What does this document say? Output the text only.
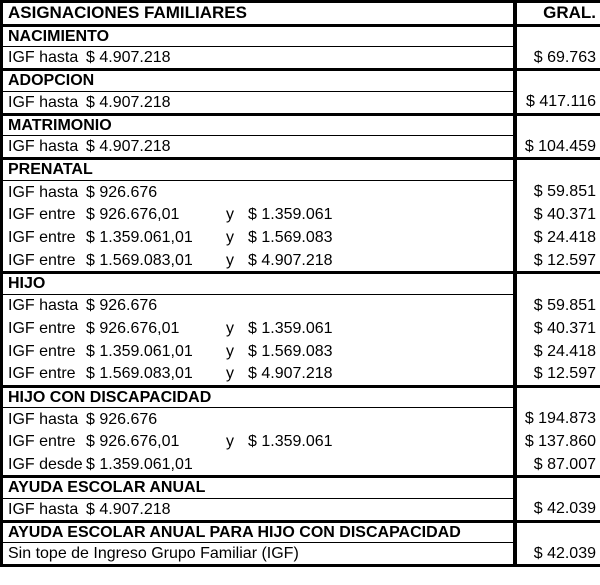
ASIGNACIONES FAMILIARES	GRAL.
NACIMIENTO	
IGF hasta $ 4.907.218	$ 69.763
ADOPCION	
IGF hasta $ 4.907.218	$ 417.116
MATRIMONIO	
IGF hasta $ 4.907.218	$ 104.459
PRENATAL	
IGF hasta $ 926.676	$ 59.851
IGF entre $ 926.676,01 y $ 1.359.061	$ 40.371
IGF entre $ 1.359.061,01 y $ 1.569.083	$ 24.418
IGF entre $ 1.569.083,01 y $ 4.907.218	$ 12.597
HIJO	
IGF hasta $ 926.676	$ 59.851
IGF entre $ 926.676,01 y $ 1.359.061	$ 40.371
IGF entre $ 1.359.061,01 y $ 1.569.083	$ 24.418
IGF entre $ 1.569.083,01 y $ 4.907.218	$ 12.597
HIJO CON DISCAPACIDAD	
IGF hasta $ 926.676	$ 194.873
IGF entre $ 926.676,01 y $ 1.359.061	$ 137.860
IGF desde $ 1.359.061,01	$ 87.007
AYUDA ESCOLAR ANUAL	
IGF hasta $ 4.907.218	$ 42.039
AYUDA ESCOLAR ANUAL PARA HIJO CON DISCAPACIDAD	
Sin tope de Ingreso Grupo Familiar (IGF)	$ 42.039
